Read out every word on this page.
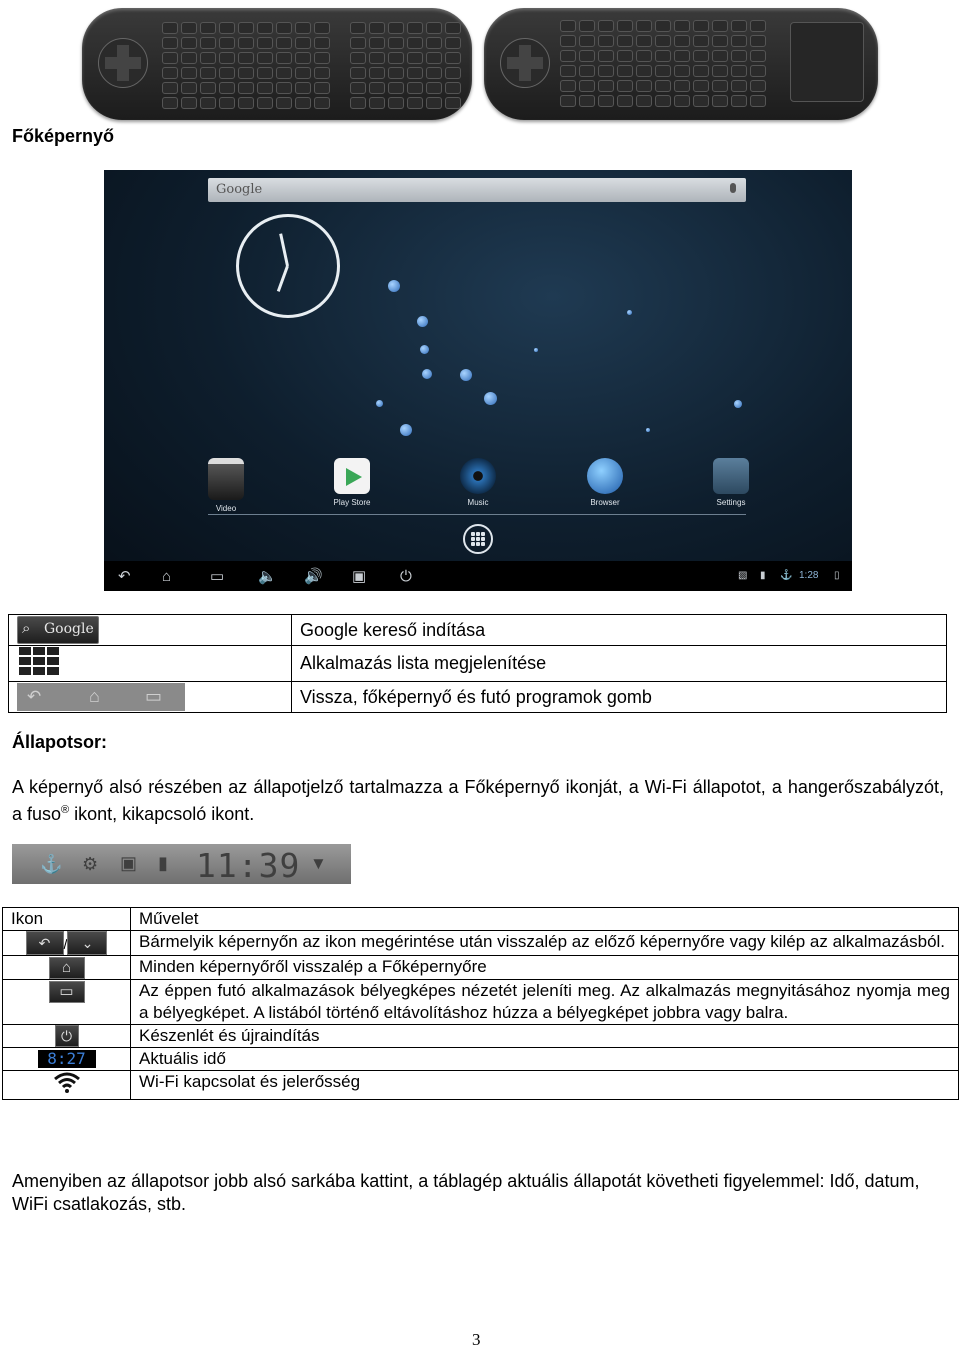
Főképernyő
Google
Video
Play Store	Music	Browser	Settings
↶ ⌂	▭ 🔈 🔊 ▣ ⏻	▧ ▮ ⚓ 1:28 ▯
⌕ Google	Google kereső indítása
	Alkalmazás lista megjelenítése

↶ ⌂ ▭	Vissza, főképernyő és futó programok gomb
Állapotsor:
A képernyő alsó részében az állapotjelző tartalmazza a Főképernyő ikonját, a Wi-Fi állapotot, a hangerőszabályzót, a fuso® ikont, kikapcsoló ikont.
⚓ ⚙ ▣ ▮ 11:39 ▼
Ikon	Művelet
↶ / ⌄	Bármelyik képernyőn az ikon megérintése után visszalép az előző képernyőre vagy kilép az alkalmazásból.
⌂	Minden képernyőről visszalép a Főképernyőre
▭	Az éppen futó alkalmazások bélyegképes nézetét jeleníti meg. Az alkalmazás megnyitásához nyomja meg a bélyegképet. A listából történő eltávolításhoz húzza a bélyegképet jobbra vagy balra.
⏻	Készenlét és újraindítás
8:27	Aktuális idő
	Wi-Fi kapcsolat és jelerősség
Amenyiben az állapotsor jobb alsó sarkába kattint, a táblagép aktuális állapotát követheti figyelemmel: Idő, datum, WiFi csatlakozás, stb.
3
